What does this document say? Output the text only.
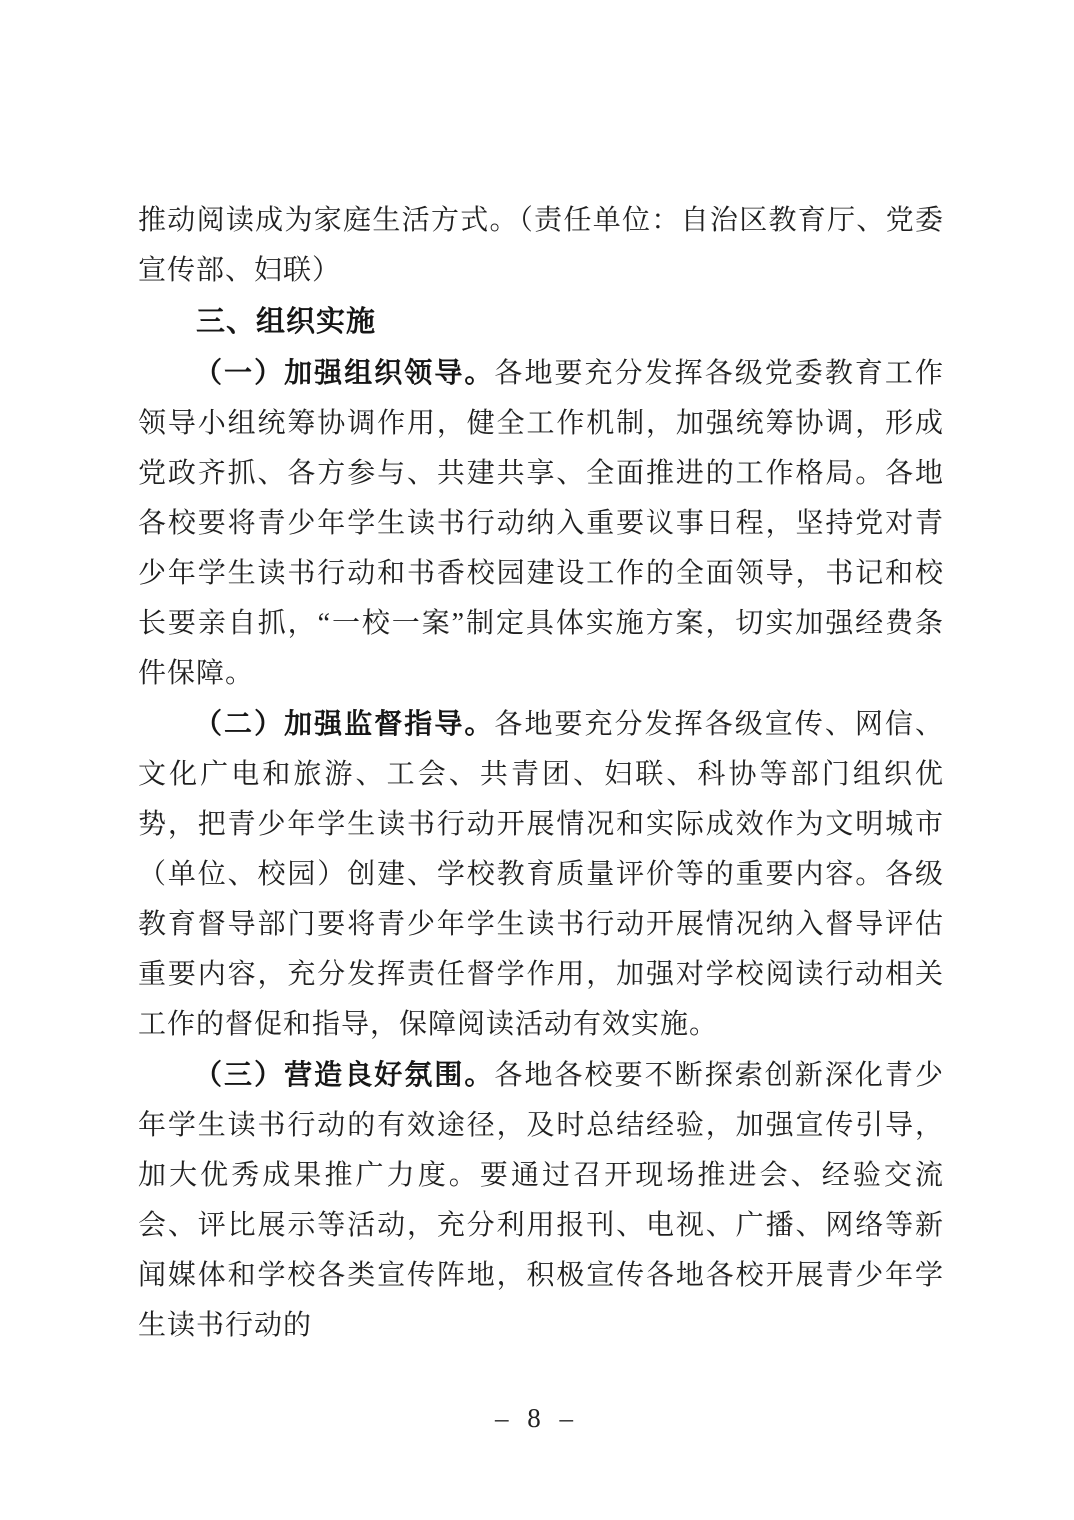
推动阅读成为家庭生活方式。（责任单位：自治区教育厅、党委宣传部、妇联）

三、组织实施

（一）加强组织领导。各地要充分发挥各级党委教育工作领导小组统筹协调作用，健全工作机制，加强统筹协调，形成党政齐抓、各方参与、共建共享、全面推进的工作格局。各地各校要将青少年学生读书行动纳入重要议事日程，坚持党对青少年学生读书行动和书香校园建设工作的全面领导，书记和校长要亲自抓，“一校一案”制定具体实施方案，切实加强经费条件保障。

（二）加强监督指导。各地要充分发挥各级宣传、网信、文化广电和旅游、工会、共青团、妇联、科协等部门组织优势，把青少年学生读书行动开展情况和实际成效作为文明城市（单位、校园）创建、学校教育质量评价等的重要内容。各级教育督导部门要将青少年学生读书行动开展情况纳入督导评估重要内容，充分发挥责任督学作用，加强对学校阅读行动相关工作的督促和指导，保障阅读活动有效实施。

（三）营造良好氛围。各地各校要不断探索创新深化青少年学生读书行动的有效途径，及时总结经验，加强宣传引导，加大优秀成果推广力度。要通过召开现场推进会、经验交流会、评比展示等活动，充分利用报刊、电视、广播、网络等新闻媒体和学校各类宣传阵地，积极宣传各地各校开展青少年学生读书行动的

– 8 –
